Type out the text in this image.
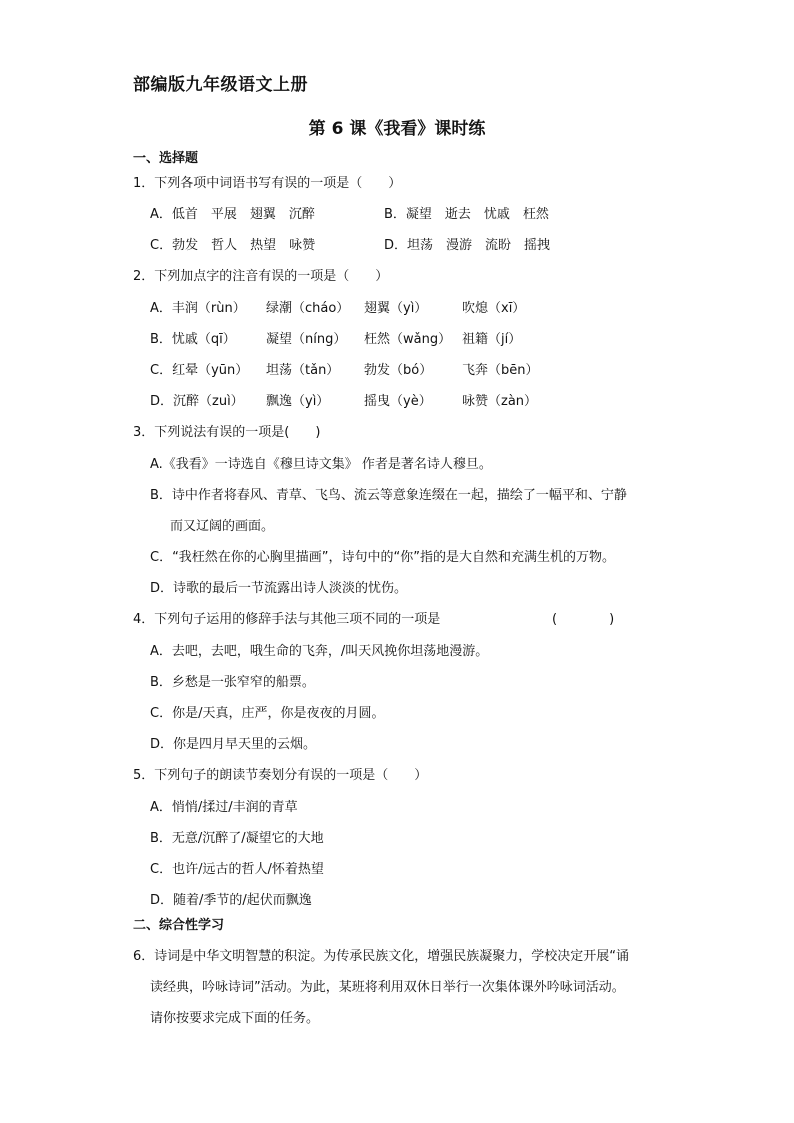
部编版九年级语文上册
第 6 课《我看》课时练
一、选择题
1．下列各项中词语书写有误的一项是（　　）
A．低首　平展　翅翼　沉醉	B．凝望　逝去　忧戚　枉然
C．勃发　哲人　热望　咏赞	D．坦荡　漫游　流盼　摇拽
2．下列加点字的注音有误的一项是（　　）
A．丰润（rùn） 绿潮（cháo） 翅翼（yì）	吹熄（xī）
B．忧戚（qī） 凝望（níng） 枉然（wǎng） 祖籍（jí）
C．红晕（yūn） 坦荡（tǎn） 勃发（bó） 飞奔（bēn）
D．沉醉（zuì） 飘逸（yì）	摇曳（yè） 咏赞（zàn）
3．下列说法有误的一项是(　　)
A.《我看》一诗选自《穆旦诗文集》 作者是著名诗人穆旦。
B．诗中作者将春风、青草、飞鸟、流云等意象连缀在一起，描绘了一幅平和、宁静
而又辽阔的画面。
C．“我枉然在你的心胸里描画”，诗句中的“你”指的是大自然和充满生机的万物。
D．诗歌的最后一节流露出诗人淡淡的忧伤。
4．下列句子运用的修辞手法与其他三项不同的一项是	(　　　　)
A．去吧，去吧，哦生命的飞奔，/叫天风挽你坦荡地漫游。
B．乡愁是一张窄窄的船票。
C．你是/天真，庄严，你是夜夜的月圆。
D．你是四月早天里的云烟。
5．下列句子的朗读节奏划分有误的一项是（　　）
A．悄悄/揉过/丰润的青草
B．无意/沉醉了/凝望它的大地
C．也许/远古的哲人/怀着热望
D．随着/季节的/起伏而飘逸
二、综合性学习
6．诗词是中华文明智慧的积淀。为传承民族文化，增强民族凝聚力，学校决定开展“诵
读经典，吟咏诗词”活动。为此，某班将利用双休日举行一次集体课外吟咏词活动。
请你按要求完成下面的任务。
